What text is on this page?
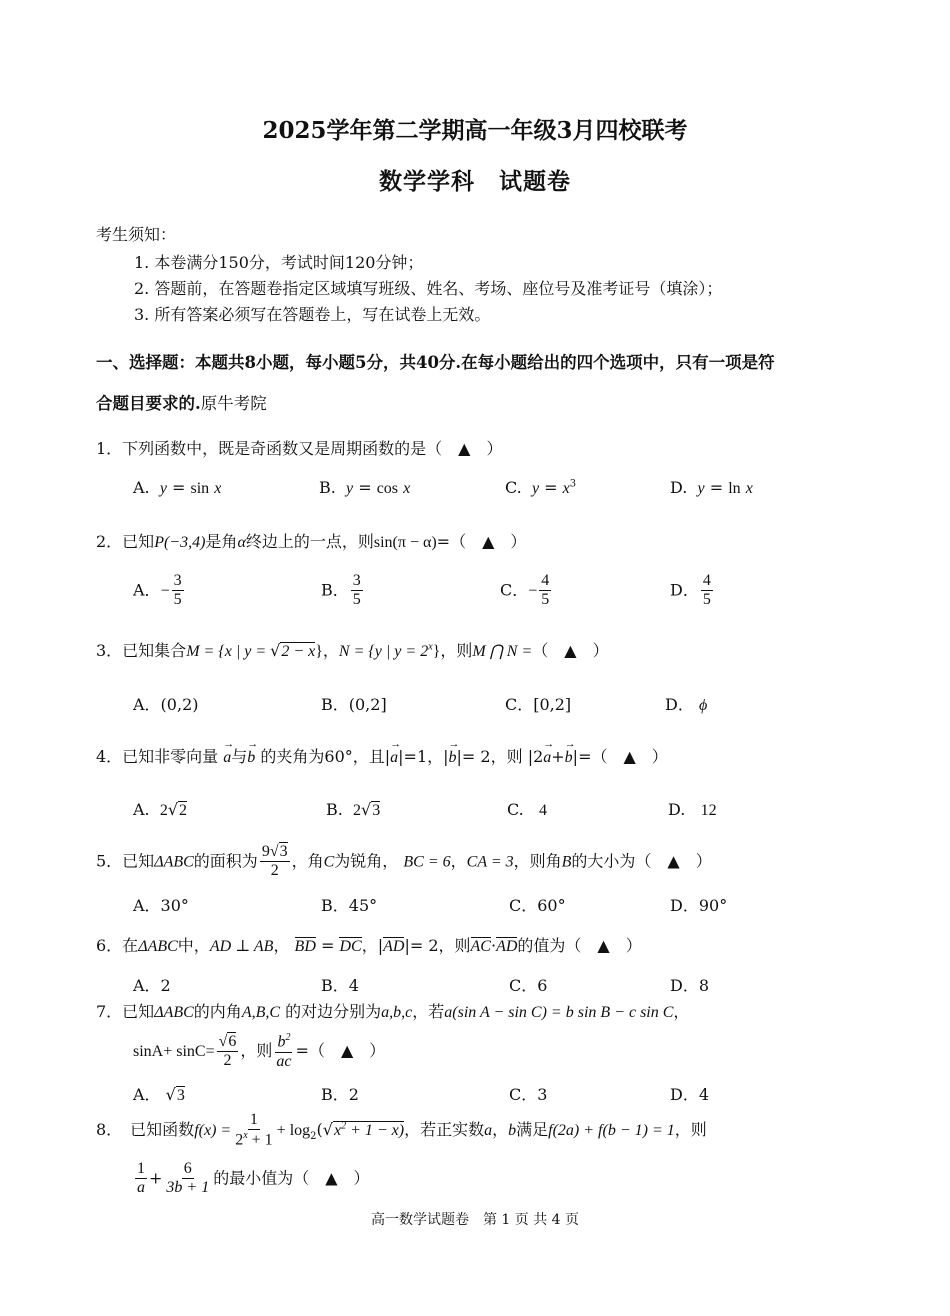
2025学年第二学期高一年级3月四校联考
数学学科　试题卷
考生须知：
1. 本卷满分150分，考试时间120分钟；
2. 答题前，在答题卷指定区域填写班级、姓名、考场、座位号及准考证号（填涂）；
3. 所有答案必须写在答题卷上，写在试卷上无效。
一、选择题：本题共8小题，每小题5分，共40分.在每小题给出的四个选项中，只有一项是符
合题目要求的.原牛考院
1．下列函数中，既是奇函数又是周期函数的是（　▲　）
A. y = sin x	B. y = cos x	C. $y = x^3$	D. y = ln x
2．已知P(−3,4)是角α终边上的一点，则sin(π − α)=（　▲　）
A．− $\frac{3}{5}$	B． $\frac{3}{5}$	C．− $\frac{4}{5}$	D． $\frac{4}{5}$
3．已知集合M = {x | y = √2 − x}，N = {y | $y = 2^x$}，则M ⋂ N =（　▲　）
A．(0,2)	B．(0,2]	C．[0,2]	D． ϕ
4．已知非零向量 → a与→ b 的夹角为60°，且|→ a|=1，|→ b|= 2，则 |2→ a+→ b|=（　▲　）
A. 2√2	B. 2√3	C. 4	D. 12
5．已知ΔABC的面积为 $\frac{9√3}{2}$ ，角C为锐角， BC = 6，CA = 3，则角B的大小为（　▲　）
A．30°	B．45°	C．60°	D．90°
6．在ΔABC中，AD ⊥ AB， BD = DC，|AD|= 2，则AC·AD的值为（　▲　）
A．2	B．4	C．6	D．8
7．已知ΔABC的内角A,B,C 的对边分别为a,b,c，若a(sin A − sin C) = b sin B − c sin C，
$\sin A+ \sin C= \frac{√6}{2}$ ，则 $\frac{b^2}{ac}$ =（　▲　）
A． √3	B．2	C．3	D．4
8．　已知函数$f(x) = \frac{1}{2^x + 1} + \log_2(√x^2 + 1 - x)$，若正实数a，b满足f(2a) + f(b − 1) = 1，则
$\frac{1}{a} + \frac{6}{3b + 1}$ 的最小值为（　▲　）
高一数学试题卷　第 1 页 共 4 页
